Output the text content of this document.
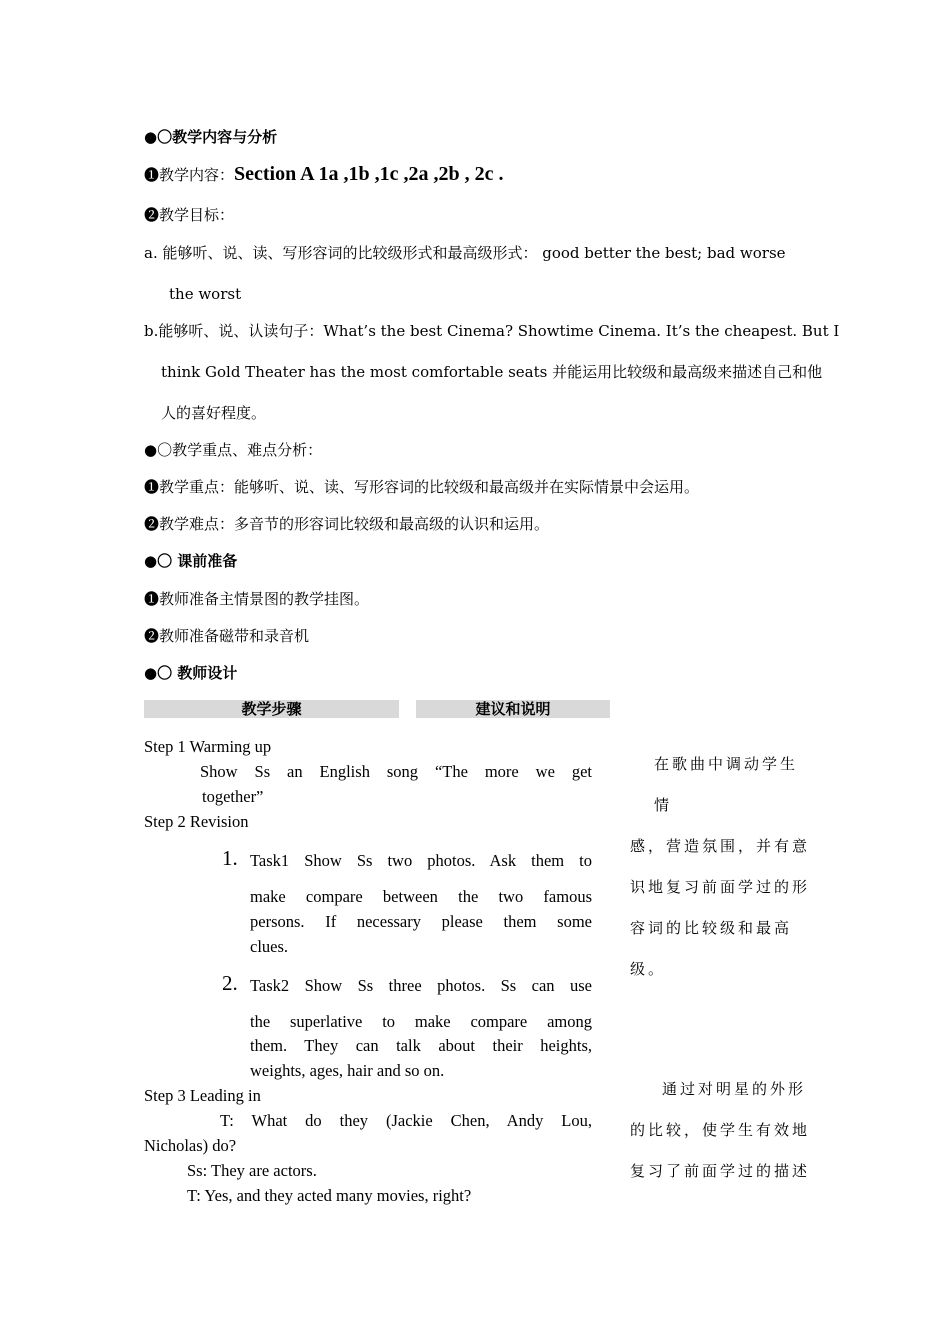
●〇教学内容与分析
❶教学内容：Section A 1a ,1b ,1c ,2a ,2b , 2c .
❷教学目标：
a. 能够听、说、读、写形容词的比较级形式和最高级形式： good better the best; bad worse
the worst
b.能够听、说、认读句子：What’s the best Cinema? Showtime Cinema. It’s the cheapest. But I
think Gold Theater has the most comfortable seats 并能运用比较级和最高级来描述自己和他
人的喜好程度。
●〇教学重点、难点分析：
❶教学重点：能够听、说、读、写形容词的比较级和最高级并在实际情景中会运用。
❷教学难点：多音节的形容词比较级和最高级的认识和运用。
●〇 课前准备
❶教师准备主情景图的教学挂图。
❷教师准备磁带和录音机
●〇 教师设计
教学步骤	建议和说明
Step 1 Warming up
Show Ss an English song “The more we get
together”
Step 2 Revision
1. Task1 Show Ss two photos. Ask them to
make compare between the two famous
persons. If necessary please them some
clues.
2. Task2 Show Ss three photos. Ss can use
the superlative to make compare among
them. They can talk about their heights,
weights, ages, hair and so on.
Step 3 Leading in
T: What do they (Jackie Chen, Andy Lou,
Nicholas) do?
Ss: They are actors.
T: Yes, and they acted many movies, right?
在歌曲中调动学生情
感，营造氛围，并有意
识地复习前面学过的形
容词的比较级和最高
级。
通过对明星的外形
的比较，使学生有效地
复习了前面学过的描述
